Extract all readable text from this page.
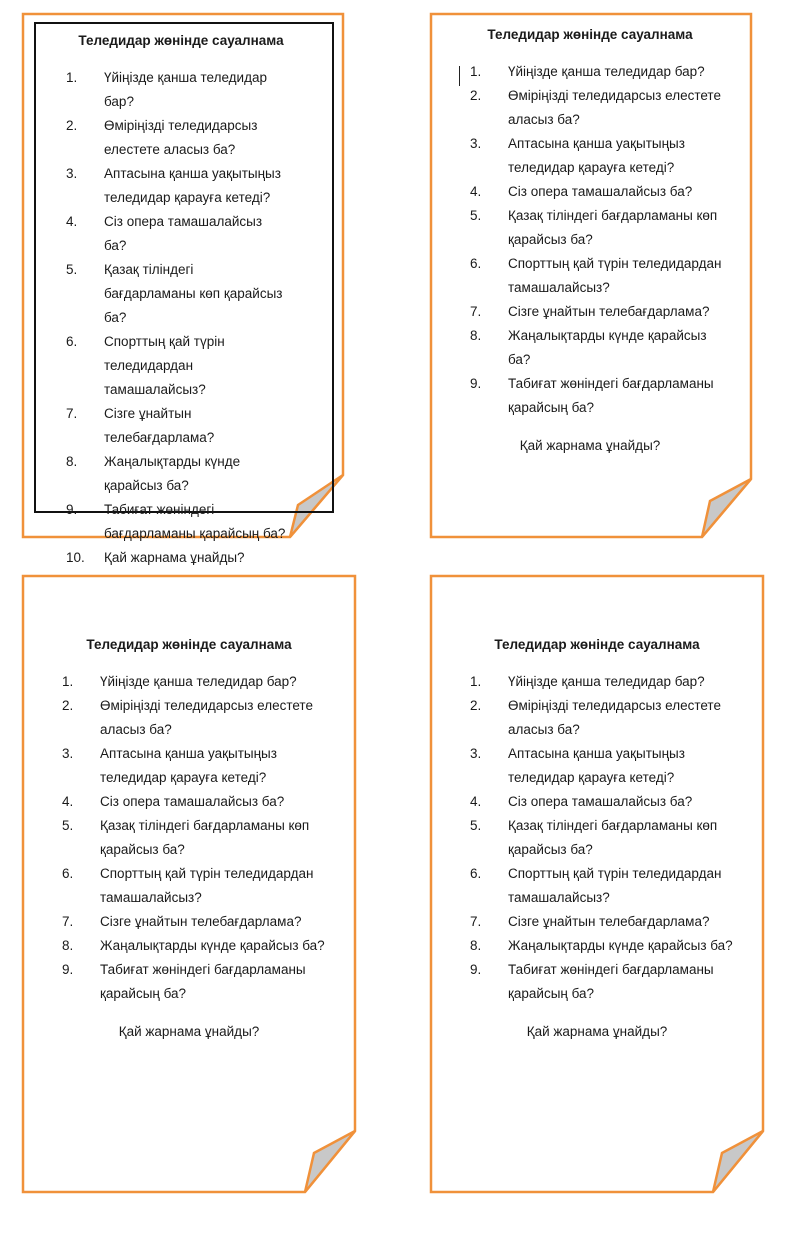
Теледидар жөнінде сауалнама
1.	Үйіңізде қанша теледидар бар?
2.	Өміріңізді теледидарсыз елестете аласыз ба?
3.	Аптасына қанша уақытыңыз теледидар қарауға кетеді?
4.	Сіз опера тамашалайсыз ба?
5.	Қазақ тіліндегі бағдарламаны көп қарайсыз ба?
6.	Спорттың қай түрін теледидардан тамашалайсыз?
7.	Сізге ұнайтын телебағдарлама?
8.	Жаңалықтарды күнде қарайсыз ба?
9.	Табиғат жөніндегі бағдарламаны қарайсың ба?
10.	Қай жарнама ұнайды?
Теледидар жөнінде сауалнама
1.	Үйіңізде қанша теледидар бар?
2.	Өміріңізді теледидарсыз елестете аласыз ба?
3.	Аптасына қанша уақытыңыз теледидар қарауға кетеді?
4.	Сіз опера тамашалайсыз ба?
5.	Қазақ тіліндегі бағдарламаны көп қарайсыз ба?
6.	Спорттың қай түрін теледидардан тамашалайсыз?
7.	Сізге ұнайтын телебағдарлама?
8.	Жаңалықтарды күнде қарайсыз ба?
9.	Табиғат жөніндегі бағдарламаны қарайсың ба?
Қай жарнама ұнайды?
Теледидар жөнінде сауалнама
1.	Үйіңізде қанша теледидар бар?
2.	Өміріңізді теледидарсыз елестете аласыз ба?
3.	Аптасына қанша уақытыңыз теледидар қарауға кетеді?
4.	Сіз опера тамашалайсыз ба?
5.	Қазақ тіліндегі бағдарламаны көп қарайсыз ба?
6.	Спорттың қай түрін теледидардан тамашалайсыз?
7.	Сізге ұнайтын телебағдарлама?
8.	Жаңалықтарды күнде қарайсыз ба?
9.	Табиғат жөніндегі бағдарламаны қарайсың ба?
Қай жарнама ұнайды?
Теледидар жөнінде сауалнама
1.	Үйіңізде қанша теледидар бар?
2.	Өміріңізді теледидарсыз елестете аласыз ба?
3.	Аптасына қанша уақытыңыз теледидар қарауға кетеді?
4.	Сіз опера тамашалайсыз ба?
5.	Қазақ тіліндегі бағдарламаны көп қарайсыз ба?
6.	Спорттың қай түрін теледидардан тамашалайсыз?
7.	Сізге ұнайтын телебағдарлама?
8.	Жаңалықтарды күнде қарайсыз ба?
9.	Табиғат жөніндегі бағдарламаны қарайсың ба?
Қай жарнама ұнайды?
